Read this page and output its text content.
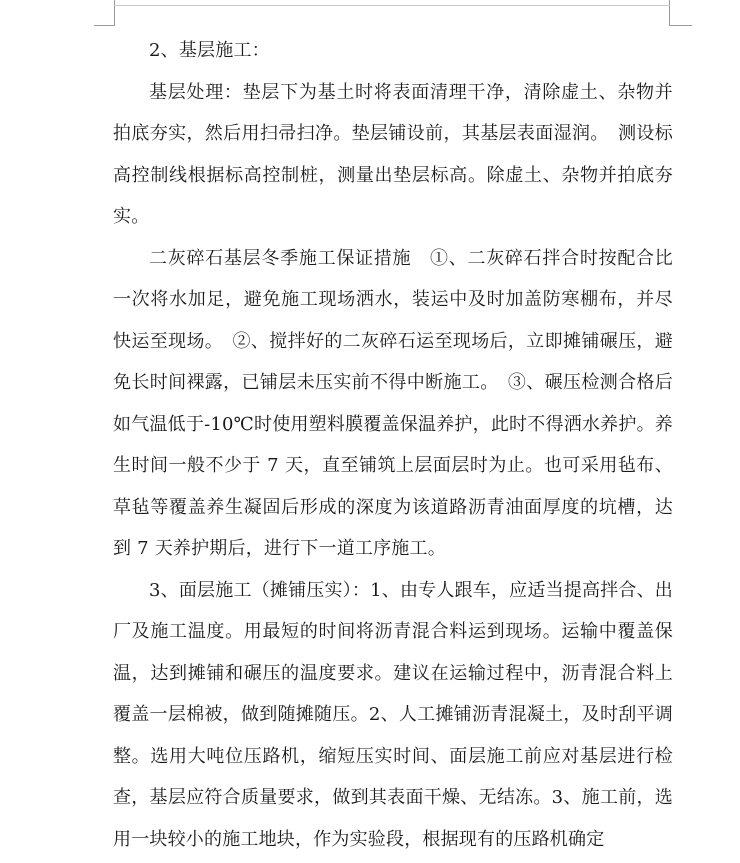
2、基层施工：

基层处理：垫层下为基土时将表面清理干净，清除虚土、杂物并拍底夯实，然后用扫帚扫净。垫层铺设前，其基层表面湿润。　测设标高控制线根据标高控制桩，测量出垫层标高。除虚土、杂物并拍底夯实。

二灰碎石基层冬季施工保证措施　①、二灰碎石拌合时按配合比一次将水加足，避免施工现场洒水，装运中及时加盖防寒棚布，并尽快运至现场。　②、搅拌好的二灰碎石运至现场后，立即摊铺碾压，避免长时间裸露，已铺层未压实前不得中断施工。　③、碾压检测合格后如气温低于-10℃时使用塑料膜覆盖保温养护，此时不得洒水养护。养生时间一般不少于 7 天，直至铺筑上层面层时为止。也可采用毡布、草毡等覆盖养生凝固后形成的深度为该道路沥青油面厚度的坑槽，达到 7 天养护期后，进行下一道工序施工。

3、面层施工（摊铺压实）：1、由专人跟车，应适当提高拌合、出厂及施工温度。用最短的时间将沥青混合料运到现场。运输中覆盖保温，达到摊铺和碾压的温度要求。建议在运输过程中，沥青混合料上覆盖一层棉被，做到随摊随压。2、人工摊铺沥青混凝土，及时刮平调整。选用大吨位压路机，缩短压实时间、面层施工前应对基层进行检查，基层应符合质量要求，做到其表面干燥、无结冻。3、施工前，选用一块较小的施工地块，作为实验段，根据现有的压路机确定
